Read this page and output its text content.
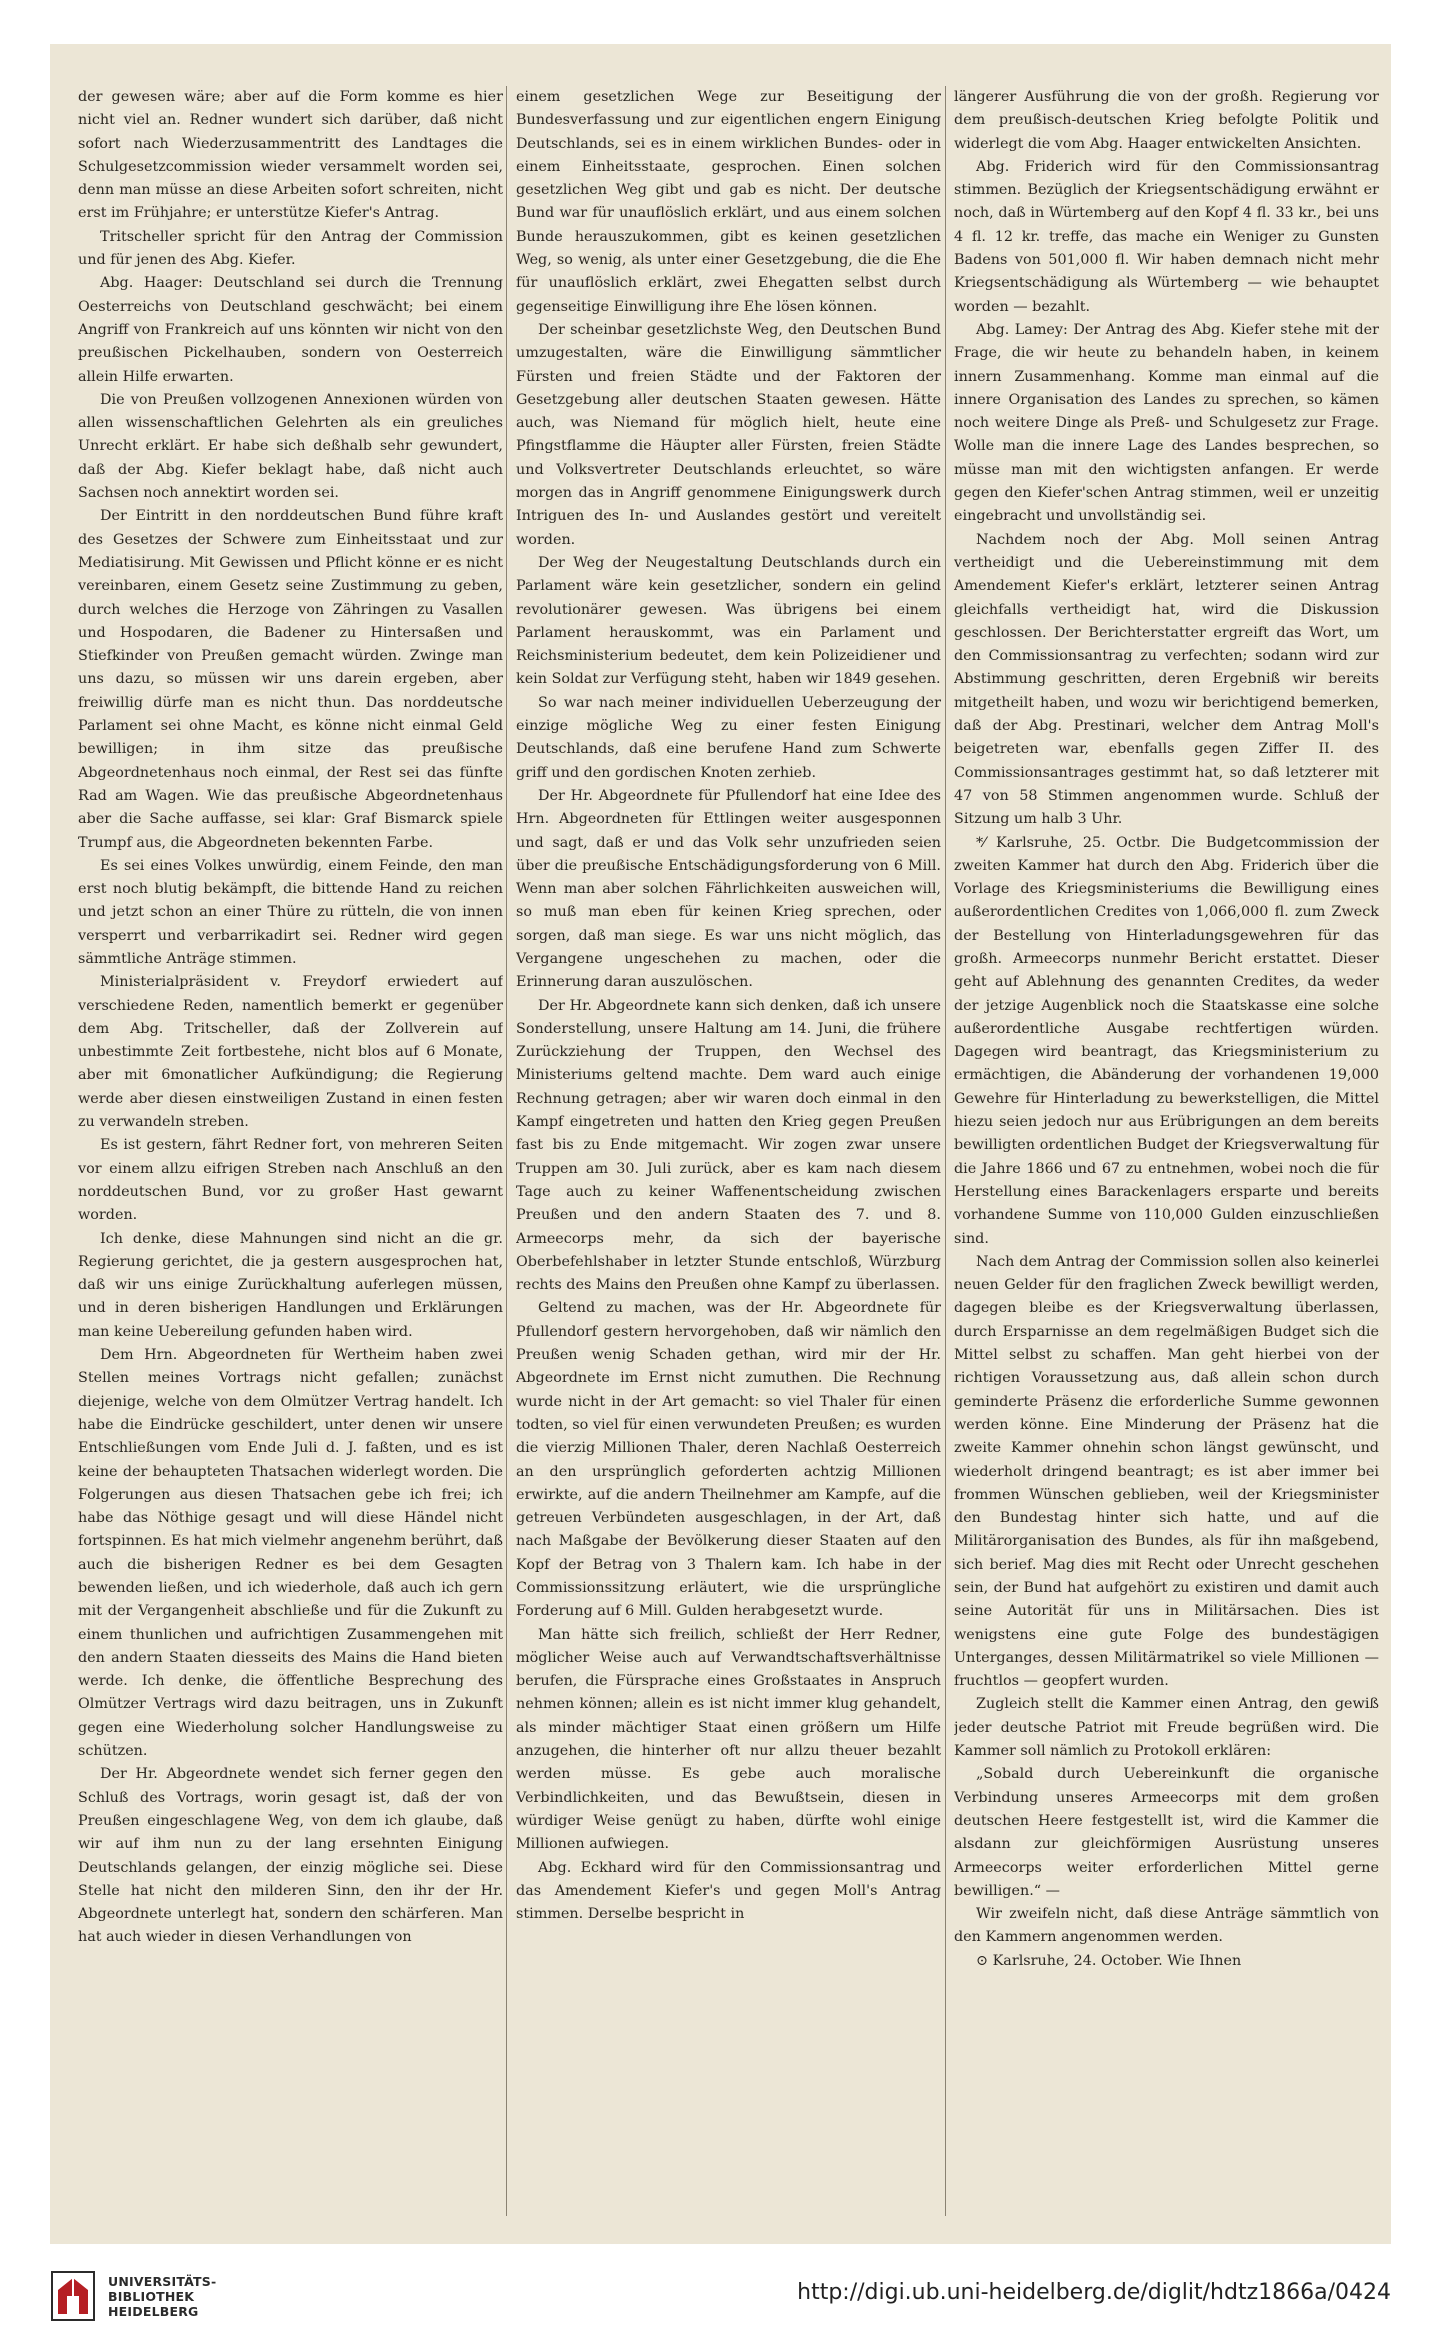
der gewesen wäre; aber auf die Form komme es hier nicht viel an. Redner wundert sich darüber, daß nicht sofort nach Wiederzusammentritt des Landtages die Schulgesetzcommission wieder versammelt worden sei, denn man müsse an diese Arbeiten sofort schreiten, nicht erst im Frühjahre; er unterstütze Kiefer's Antrag.

Tritscheller spricht für den Antrag der Commission und für jenen des Abg. Kiefer.

Abg. Haager: Deutschland sei durch die Trennung Oesterreichs von Deutschland geschwächt; bei einem Angriff von Frankreich auf uns könnten wir nicht von den preußischen Pickelhauben, sondern von Oesterreich allein Hilfe erwarten.

Die von Preußen vollzogenen Annexionen würden von allen wissenschaftlichen Gelehrten als ein greuliches Unrecht erklärt. Er habe sich deßhalb sehr gewundert, daß der Abg. Kiefer beklagt habe, daß nicht auch Sachsen noch annektirt worden sei.

Der Eintritt in den norddeutschen Bund führe kraft des Gesetzes der Schwere zum Einheitsstaat und zur Mediatisirung. Mit Gewissen und Pflicht könne er es nicht vereinbaren, einem Gesetz seine Zustimmung zu geben, durch welches die Herzoge von Zähringen zu Vasallen und Hospodaren, die Badener zu Hintersaßen und Stiefkinder von Preußen gemacht würden. Zwinge man uns dazu, so müssen wir uns darein ergeben, aber freiwillig dürfe man es nicht thun. Das norddeutsche Parlament sei ohne Macht, es könne nicht einmal Geld bewilligen; in ihm sitze das preußische Abgeordnetenhaus noch einmal, der Rest sei das fünfte Rad am Wagen. Wie das preußische Abgeordnetenhaus aber die Sache auffasse, sei klar: Graf Bismarck spiele Trumpf aus, die Abgeordneten bekennten Farbe.

Es sei eines Volkes unwürdig, einem Feinde, den man erst noch blutig bekämpft, die bittende Hand zu reichen und jetzt schon an einer Thüre zu rütteln, die von innen versperrt und verbarrikadirt sei. Redner wird gegen sämmtliche Anträge stimmen.

Ministerialpräsident v. Freydorf erwiedert auf verschiedene Reden, namentlich bemerkt er gegenüber dem Abg. Tritscheller, daß der Zollverein auf unbestimmte Zeit fortbestehe, nicht blos auf 6 Monate, aber mit 6monatlicher Aufkündigung; die Regierung werde aber diesen einstweiligen Zustand in einen festen zu verwandeln streben.

Es ist gestern, fährt Redner fort, von mehreren Seiten vor einem allzu eifrigen Streben nach Anschluß an den norddeutschen Bund, vor zu großer Hast gewarnt worden.

Ich denke, diese Mahnungen sind nicht an die gr. Regierung gerichtet, die ja gestern ausgesprochen hat, daß wir uns einige Zurückhaltung auferlegen müssen, und in deren bisherigen Handlungen und Erklärungen man keine Uebereilung gefunden haben wird.

Dem Hrn. Abgeordneten für Wertheim haben zwei Stellen meines Vortrags nicht gefallen; zunächst diejenige, welche von dem Olmützer Vertrag handelt. Ich habe die Eindrücke geschildert, unter denen wir unsere Entschließungen vom Ende Juli d. J. faßten, und es ist keine der behaupteten Thatsachen widerlegt worden. Die Folgerungen aus diesen Thatsachen gebe ich frei; ich habe das Nöthige gesagt und will diese Händel nicht fortspinnen. Es hat mich vielmehr angenehm berührt, daß auch die bisherigen Redner es bei dem Gesagten bewenden ließen, und ich wiederhole, daß auch ich gern mit der Vergangenheit abschließe und für die Zukunft zu einem thunlichen und aufrichtigen Zusammengehen mit den andern Staaten diesseits des Mains die Hand bieten werde. Ich denke, die öffentliche Besprechung des Olmützer Vertrags wird dazu beitragen, uns in Zukunft gegen eine Wiederholung solcher Handlungsweise zu schützen.

Der Hr. Abgeordnete wendet sich ferner gegen den Schluß des Vortrags, worin gesagt ist, daß der von Preußen eingeschlagene Weg, von dem ich glaube, daß wir auf ihm nun zu der lang ersehnten Einigung Deutschlands gelangen, der einzig mögliche sei. Diese Stelle hat nicht den milderen Sinn, den ihr der Hr. Abgeordnete unterlegt hat, sondern den schärferen. Man hat auch wieder in diesen Verhandlungen von

einem gesetzlichen Wege zur Beseitigung der Bundesverfassung und zur eigentlichen engern Einigung Deutschlands, sei es in einem wirklichen Bundes- oder in einem Einheitsstaate, gesprochen. Einen solchen gesetzlichen Weg gibt und gab es nicht. Der deutsche Bund war für unauflöslich erklärt, und aus einem solchen Bunde herauszukommen, gibt es keinen gesetzlichen Weg, so wenig, als unter einer Gesetzgebung, die die Ehe für unauflöslich erklärt, zwei Ehegatten selbst durch gegenseitige Einwilligung ihre Ehe lösen können.

Der scheinbar gesetzlichste Weg, den Deutschen Bund umzugestalten, wäre die Einwilligung sämmtlicher Fürsten und freien Städte und der Faktoren der Gesetzgebung aller deutschen Staaten gewesen. Hätte auch, was Niemand für möglich hielt, heute eine Pfingstflamme die Häupter aller Fürsten, freien Städte und Volksvertreter Deutschlands erleuchtet, so wäre morgen das in Angriff genommene Einigungswerk durch Intriguen des In- und Auslandes gestört und vereitelt worden.

Der Weg der Neugestaltung Deutschlands durch ein Parlament wäre kein gesetzlicher, sondern ein gelind revolutionärer gewesen. Was übrigens bei einem Parlament herauskommt, was ein Parlament und Reichsministerium bedeutet, dem kein Polizeidiener und kein Soldat zur Verfügung steht, haben wir 1849 gesehen.

So war nach meiner individuellen Ueberzeugung der einzige mögliche Weg zu einer festen Einigung Deutschlands, daß eine berufene Hand zum Schwerte griff und den gordischen Knoten zerhieb.

Der Hr. Abgeordnete für Pfullendorf hat eine Idee des Hrn. Abgeordneten für Ettlingen weiter ausgesponnen und sagt, daß er und das Volk sehr unzufrieden seien über die preußische Entschädigungsforderung von 6 Mill. Wenn man aber solchen Fährlichkeiten ausweichen will, so muß man eben für keinen Krieg sprechen, oder sorgen, daß man siege. Es war uns nicht möglich, das Vergangene ungeschehen zu machen, oder die Erinnerung daran auszulöschen.

Der Hr. Abgeordnete kann sich denken, daß ich unsere Sonderstellung, unsere Haltung am 14. Juni, die frühere Zurückziehung der Truppen, den Wechsel des Ministeriums geltend machte. Dem ward auch einige Rechnung getragen; aber wir waren doch einmal in den Kampf eingetreten und hatten den Krieg gegen Preußen fast bis zu Ende mitgemacht. Wir zogen zwar unsere Truppen am 30. Juli zurück, aber es kam nach diesem Tage auch zu keiner Waffenentscheidung zwischen Preußen und den andern Staaten des 7. und 8. Armeecorps mehr, da sich der bayerische Oberbefehlshaber in letzter Stunde entschloß, Würzburg rechts des Mains den Preußen ohne Kampf zu überlassen.

Geltend zu machen, was der Hr. Abgeordnete für Pfullendorf gestern hervorgehoben, daß wir nämlich den Preußen wenig Schaden gethan, wird mir der Hr. Abgeordnete im Ernst nicht zumuthen. Die Rechnung wurde nicht in der Art gemacht: so viel Thaler für einen todten, so viel für einen verwundeten Preußen; es wurden die vierzig Millionen Thaler, deren Nachlaß Oesterreich an den ursprünglich geforderten achtzig Millionen erwirkte, auf die andern Theilnehmer am Kampfe, auf die getreuen Verbündeten ausgeschlagen, in der Art, daß nach Maßgabe der Bevölkerung dieser Staaten auf den Kopf der Betrag von 3 Thalern kam. Ich habe in der Commissionssitzung erläutert, wie die ursprüngliche Forderung auf 6 Mill. Gulden herabgesetzt wurde.

Man hätte sich freilich, schließt der Herr Redner, möglicher Weise auch auf Verwandtschaftsverhältnisse berufen, die Fürsprache eines Großstaates in Anspruch nehmen können; allein es ist nicht immer klug gehandelt, als minder mächtiger Staat einen größern um Hilfe anzugehen, die hinterher oft nur allzu theuer bezahlt werden müsse. Es gebe auch moralische Verbindlichkeiten, und das Bewußtsein, diesen in würdiger Weise genügt zu haben, dürfte wohl einige Millionen aufwiegen.

Abg. Eckhard wird für den Commissionsantrag und das Amendement Kiefer's und gegen Moll's Antrag stimmen. Derselbe bespricht in

längerer Ausführung die von der großh. Regierung vor dem preußisch-deutschen Krieg befolgte Politik und widerlegt die vom Abg. Haager entwickelten Ansichten.

Abg. Friderich wird für den Commissionsantrag stimmen. Bezüglich der Kriegsentschädigung erwähnt er noch, daß in Würtemberg auf den Kopf 4 fl. 33 kr., bei uns 4 fl. 12 kr. treffe, das mache ein Weniger zu Gunsten Badens von 501,000 fl. Wir haben demnach nicht mehr Kriegsentschädigung als Würtemberg — wie behauptet worden — bezahlt.

Abg. Lamey: Der Antrag des Abg. Kiefer stehe mit der Frage, die wir heute zu behandeln haben, in keinem innern Zusammenhang. Komme man einmal auf die innere Organisation des Landes zu sprechen, so kämen noch weitere Dinge als Preß- und Schulgesetz zur Frage. Wolle man die innere Lage des Landes besprechen, so müsse man mit den wichtigsten anfangen. Er werde gegen den Kiefer'schen Antrag stimmen, weil er unzeitig eingebracht und unvollständig sei.

Nachdem noch der Abg. Moll seinen Antrag vertheidigt und die Uebereinstimmung mit dem Amendement Kiefer's erklärt, letzterer seinen Antrag gleichfalls vertheidigt hat, wird die Diskussion geschlossen. Der Berichterstatter ergreift das Wort, um den Commissionsantrag zu verfechten; sodann wird zur Abstimmung geschritten, deren Ergebniß wir bereits mitgetheilt haben, und wozu wir berichtigend bemerken, daß der Abg. Prestinari, welcher dem Antrag Moll's beigetreten war, ebenfalls gegen Ziffer II. des Commissionsantrages gestimmt hat, so daß letzterer mit 47 von 58 Stimmen angenommen wurde. Schluß der Sitzung um halb 3 Uhr.

*⁄ Karlsruhe, 25. Octbr. Die Budgetcommission der zweiten Kammer hat durch den Abg. Friderich über die Vorlage des Kriegsministeriums die Bewilligung eines außerordentlichen Credites von 1,066,000 fl. zum Zweck der Bestellung von Hinterladungsgewehren für das großh. Armeecorps nunmehr Bericht erstattet. Dieser geht auf Ablehnung des genannten Credites, da weder der jetzige Augenblick noch die Staatskasse eine solche außerordentliche Ausgabe rechtfertigen würden. Dagegen wird beantragt, das Kriegsministerium zu ermächtigen, die Abänderung der vorhandenen 19,000 Gewehre für Hinterladung zu bewerkstelligen, die Mittel hiezu seien jedoch nur aus Erübrigungen an dem bereits bewilligten ordentlichen Budget der Kriegsverwaltung für die Jahre 1866 und 67 zu entnehmen, wobei noch die für Herstellung eines Barackenlagers ersparte und bereits vorhandene Summe von 110,000 Gulden einzuschließen sind.

Nach dem Antrag der Commission sollen also keinerlei neuen Gelder für den fraglichen Zweck bewilligt werden, dagegen bleibe es der Kriegsverwaltung überlassen, durch Ersparnisse an dem regelmäßigen Budget sich die Mittel selbst zu schaffen. Man geht hierbei von der richtigen Voraussetzung aus, daß allein schon durch geminderte Präsenz die erforderliche Summe gewonnen werden könne. Eine Minderung der Präsenz hat die zweite Kammer ohnehin schon längst gewünscht, und wiederholt dringend beantragt; es ist aber immer bei frommen Wünschen geblieben, weil der Kriegsminister den Bundestag hinter sich hatte, und auf die Militärorganisation des Bundes, als für ihn maßgebend, sich berief. Mag dies mit Recht oder Unrecht geschehen sein, der Bund hat aufgehört zu existiren und damit auch seine Autorität für uns in Militärsachen. Dies ist wenigstens eine gute Folge des bundestägigen Unterganges, dessen Militärmatrikel so viele Millionen — fruchtlos — geopfert wurden.

Zugleich stellt die Kammer einen Antrag, den gewiß jeder deutsche Patriot mit Freude begrüßen wird. Die Kammer soll nämlich zu Protokoll erklären:

„Sobald durch Uebereinkunft die organische Verbindung unseres Armeecorps mit dem großen deutschen Heere festgestellt ist, wird die Kammer die alsdann zur gleichförmigen Ausrüstung unseres Armeecorps weiter erforderlichen Mittel gerne bewilligen.“ —

Wir zweifeln nicht, daß diese Anträge sämmtlich von den Kammern angenommen werden.

⊙ Karlsruhe, 24. October. Wie Ihnen

UNIVERSITÄTS-
BIBLIOTHEK
HEIDELBERG
http://digi.ub.uni-heidelberg.de/diglit/hdtz1866a/0424
